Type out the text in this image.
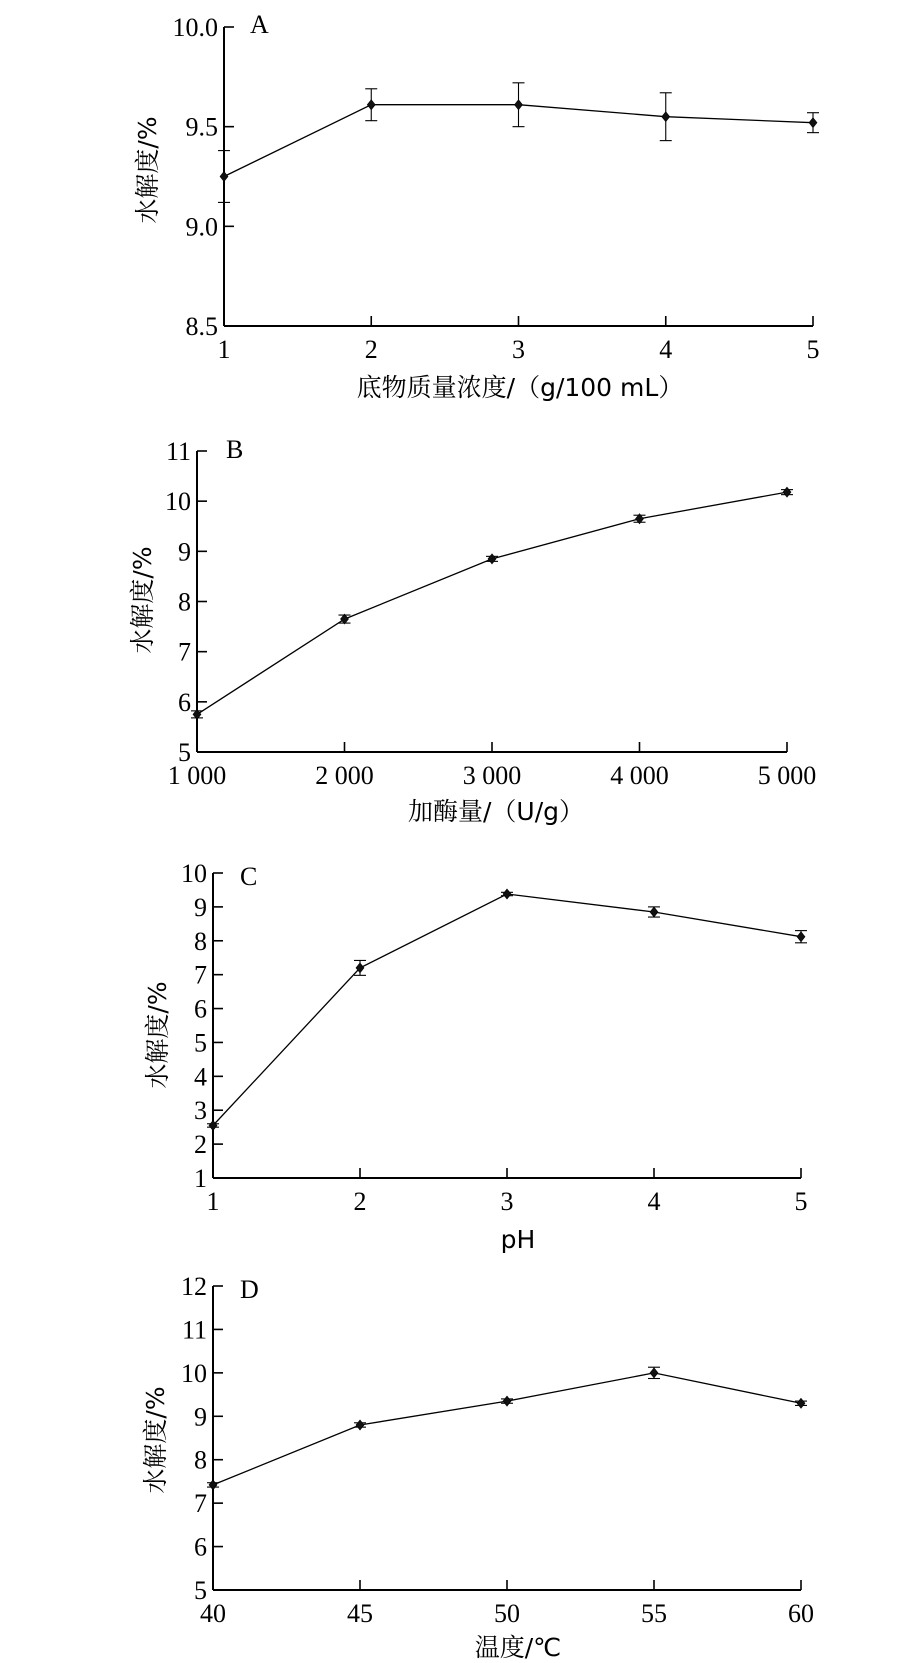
A
水解度/%
底物质量浓度/（g/100 mL）
8.5
9.0
9.5
10.0
1	2	3	4	5
B
水解度/%
加酶量/（U/g）
5
6
7
8
9
10
11
1 000	2 000	3 000	4 000	5 000
C
水解度/%
pH
1
2
3
4
5
6
7
8
9
10
1	2	3	4	5
D
水解度/%
温度/℃
5
6
7
8
9
10
11
12
40	45	50	55	60
